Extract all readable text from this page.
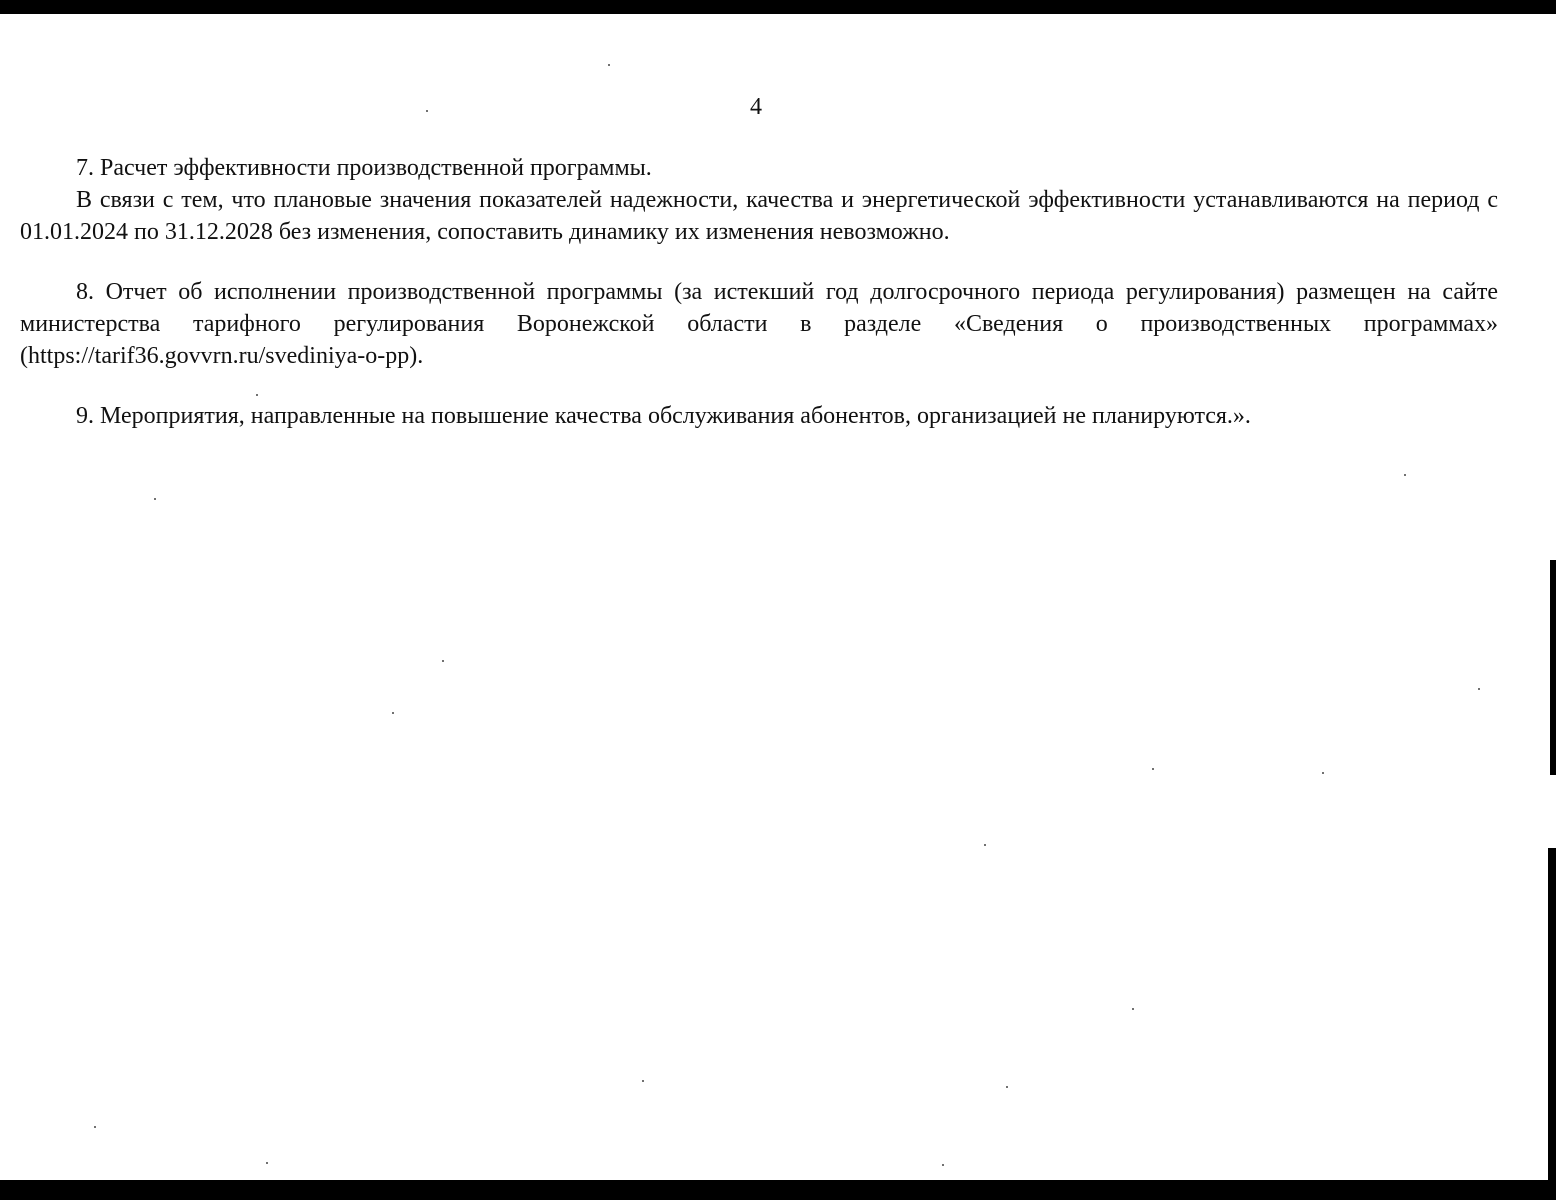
4

7. Расчет эффективности производственной программы.

В связи с тем, что плановые значения показателей надежности, качества и энергетической эффективности устанавливаются на период с 01.01.2024 по 31.12.2028 без изменения, сопоставить динамику их изменения невозможно.

8. Отчет об исполнении производственной программы (за истекший год долгосрочного периода регулирования) размещен на сайте министерства тарифного регулирования Воронежской области в разделе «Сведения о производственных программах» (https://tarif36.govvrn.ru/svediniya-o-pp).

9. Мероприятия, направленные на повышение качества обслуживания абонентов, организацией не планируются.».
